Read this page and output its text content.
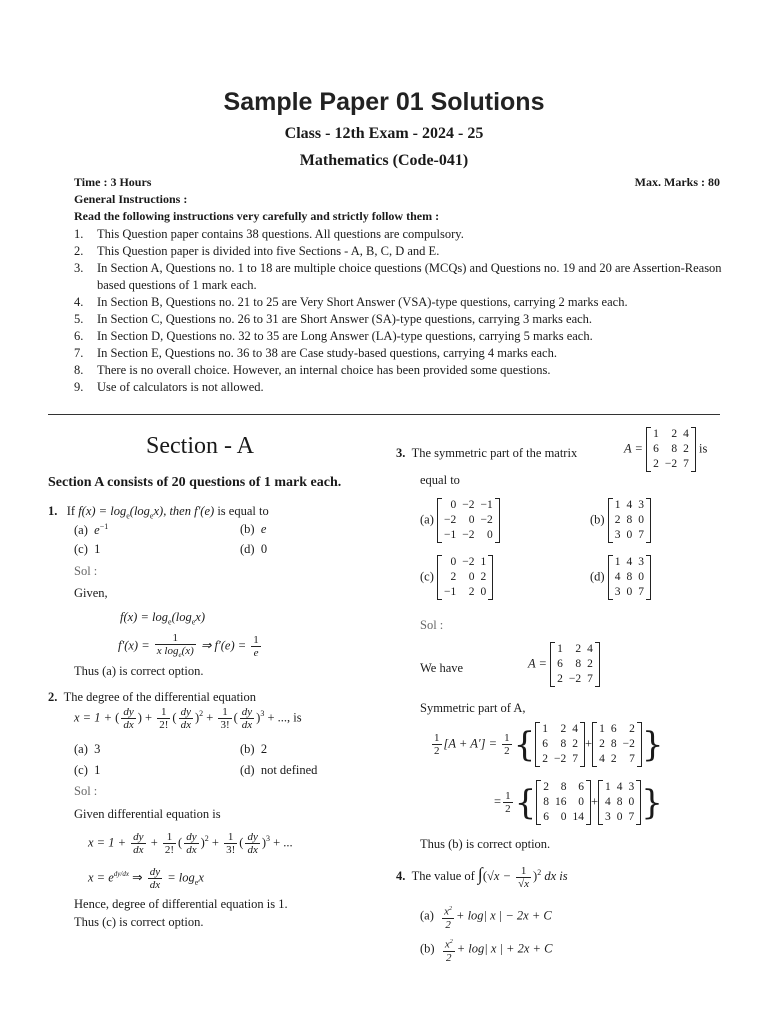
Sample Paper 01 Solutions
Class - 12th Exam - 2024 - 25
Mathematics (Code-041)
Time : 3 Hours	Max. Marks : 80
General Instructions :
Read the following instructions very carefully and strictly follow them :
1. This Question paper contains 38 questions. All questions are compulsory.
2. This Question paper is divided into five Sections - A, B, C, D and E.
3. In Section A, Questions no. 1 to 18 are multiple choice questions (MCQs) and Questions no. 19 and 20 are Assertion-Reason based questions of 1 mark each.
4. In Section B, Questions no. 21 to 25 are Very Short Answer (VSA)-type questions, carrying 2 marks each.
5. In Section C, Questions no. 26 to 31 are Short Answer (SA)-type questions, carrying 3 marks each.
6. In Section D, Questions no. 32 to 35 are Long Answer (LA)-type questions, carrying 5 marks each.
7. In Section E, Questions no. 36 to 38 are Case study-based questions, carrying 4 marks each.
8. There is no overall choice. However, an internal choice has been provided some questions.
9. Use of calculators is not allowed.
Section - A
Section A consists of 20 questions of 1 mark each.
1. If $f(x) = \log_e(\log_ex)$, then f′(e) is equal to
(a) $e^{-1}$	(b) e
(c) 1	(d) 0
Sol :
Given,
$f(x) = \log_e(\log_ex)$
$f'(x) = \frac{1}{x \log_e(x)}$ ⇒ $f'(e) = \frac{1}{e}$
Thus (a) is correct option.
2. The degree of the differential equation
x = 1 + ( $\frac{dy}{dx}$ ) + $\frac{1}{2!}$ ( $\frac{dy}{dx} )^2 + \frac{1}{3!}$ ( $\frac{dy}{dx} )^3$ + ..., is
(a) 3	(b) 2
(c) 1	(d) not defined
Sol :
Given differential equation is
$x = 1 + \frac{dy}{dx} + \frac{1}{2!}$ ( $\frac{dy}{dx} )^2 + \frac{1}{3!}$ ( $\frac{dy}{dx} )^3$ + ...
$x = e^{dy/dx}$ ⇒ $\frac{dy}{dx} = \log_ex$
Hence, degree of differential equation is 1.
Thus (c) is correct option.
3. The symmetric part of the matrix	A =
1	2	4
6	8	2
2	−2	7
is
equal to
(a)
0	−2	−1
−2	0	−2
−1	−2	0
(b)
1	4	3
2	8	0
3	0	7
(c)
0	−2	1
2	0	2
−1	2	0
(d)
1	4	3
4	8	0
3	0	7
Sol :
We have	A =
1	2	4
6	8	2
2	−2	7
Symmetric part of A,
$\frac{1}{2} [A + A'] = \frac{1}{2}$ { 1	2	4
6	8	2
2	−2	7
+
1	6	2
2	8	−2
4	2	7 }
= $\frac{1}{2}$ { 2	8	6
8	16	0
6	0	14
+
1	4	3
4	8	0
3	0	7 }
Thus (b) is correct option.
4. The value of $\int(√x - \frac{1}{√x} )^2$ dx is
$(a) \frac{x^2}{2} + \log|$ x | − 2x + C
$(b) \frac{x^2}{2} + \log|$ x | + 2x + C
